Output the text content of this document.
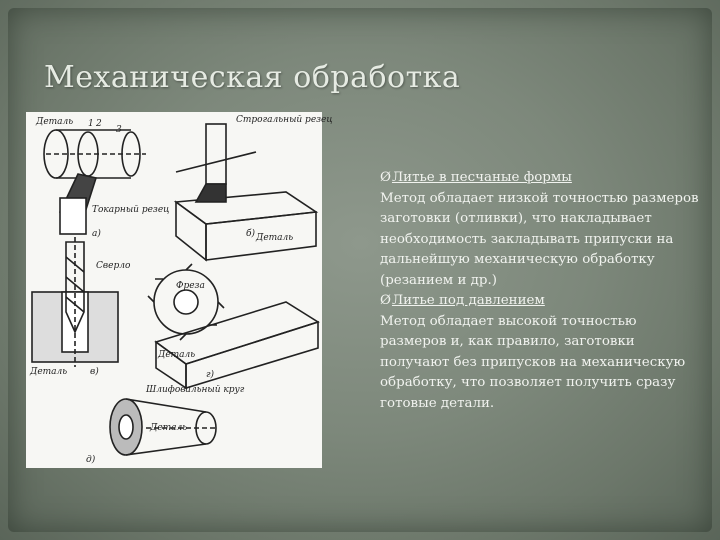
Механическая обработка
Деталь 1 2
3
Токарный резец
а)
Строгальный резец
Деталь
б)
Сверло
Деталь	в)
Фреза
Деталь
г)
Шлифовальный круг
Деталь
д)

ØЛитье в песчаные формы
Метод обладает низкой точностью размеров заготовки (отливки), что накладывает необходимость закладывать припуски на дальнейшую механическую обработку (резанием и др.)

ØЛитье под давлением
Метод обладает высокой точностью размеров и, как правило, заготовки получают без припусков на механическую обработку, что позволяет получить сразу готовые детали.
